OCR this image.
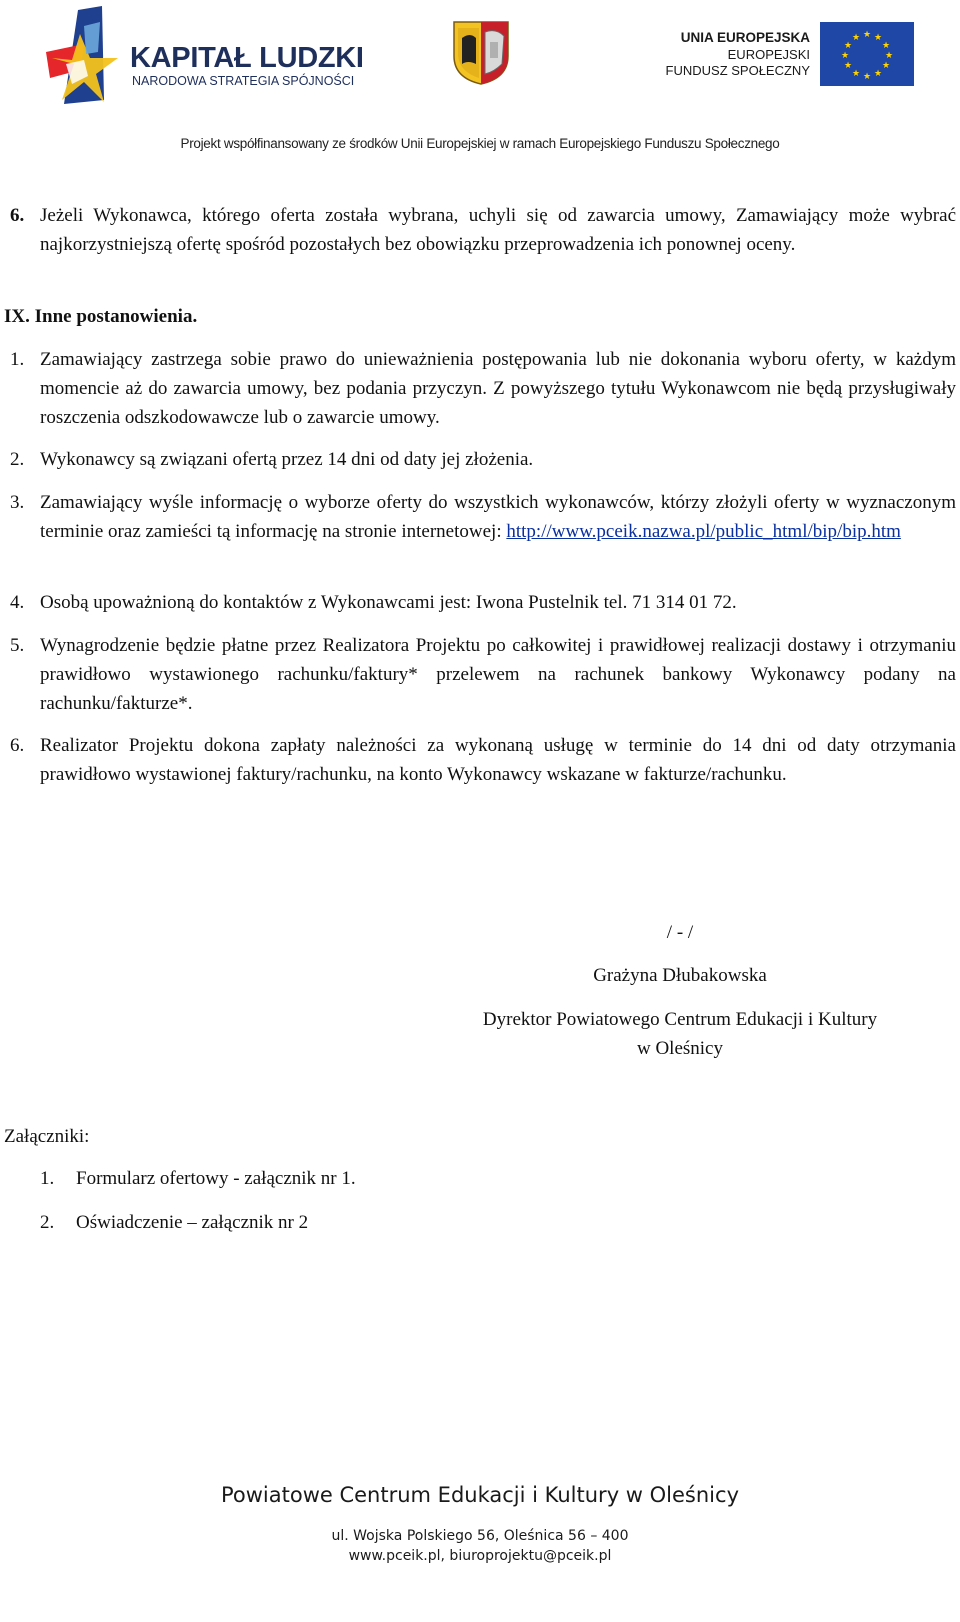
KAPITAŁ LUDZKI
NARODOWA STRATEGIA SPÓJNOŚCI
UNIA EUROPEJSKA
EUROPEJSKI
FUNDUSZ SPOŁECZNY
★ ★
★
★
★
★
★
★
★
★
★
★
Projekt współfinansowany ze środków Unii Europejskiej w ramach Europejskiego Funduszu Społecznego
6. Jeżeli Wykonawca, którego oferta została wybrana, uchyli się od zawarcia umowy, Zamawiający może wybrać najkorzystniejszą ofertę spośród pozostałych bez obowiązku przeprowadzenia ich ponownej oceny.
IX. Inne postanowienia.
1. Zamawiający zastrzega sobie prawo do unieważnienia postępowania lub nie dokonania wyboru oferty, w każdym momencie aż do zawarcia umowy, bez podania przyczyn. Z powyższego tytułu Wykonawcom nie będą przysługiwały roszczenia odszkodowawcze lub o zawarcie umowy.
2. Wykonawcy są związani ofertą przez 14 dni od daty jej złożenia.
3. Zamawiający wyśle informację o wyborze oferty do wszystkich wykonawców, którzy złożyli oferty w wyznaczonym terminie oraz zamieści tą informację na stronie internetowej: http://www.pceik.nazwa.pl/public_html/bip/bip.htm
4. Osobą upoważnioną do kontaktów z Wykonawcami jest: Iwona Pustelnik tel. 71 314 01 72.
5. Wynagrodzenie będzie płatne przez Realizatora Projektu po całkowitej i prawidłowej realizacji dostawy i otrzymaniu prawidłowo wystawionego rachunku/faktury* przelewem na rachunek bankowy Wykonawcy podany na rachunku/fakturze*.
6. Realizator Projektu dokona zapłaty należności za wykonaną usługę w terminie do 14 dni od daty otrzymania prawidłowo wystawionej faktury/rachunku, na konto Wykonawcy wskazane w fakturze/rachunku.
/ - /
Grażyna Dłubakowska
Dyrektor Powiatowego Centrum Edukacji i Kultury
w Oleśnicy
Załączniki:
1. Formularz ofertowy - załącznik nr 1.
2. Oświadczenie – załącznik nr 2
Powiatowe Centrum Edukacji i Kultury w Oleśnicy
ul. Wojska Polskiego 56, Oleśnica 56 – 400
www.pceik.pl, biuroprojektu@pceik.pl
